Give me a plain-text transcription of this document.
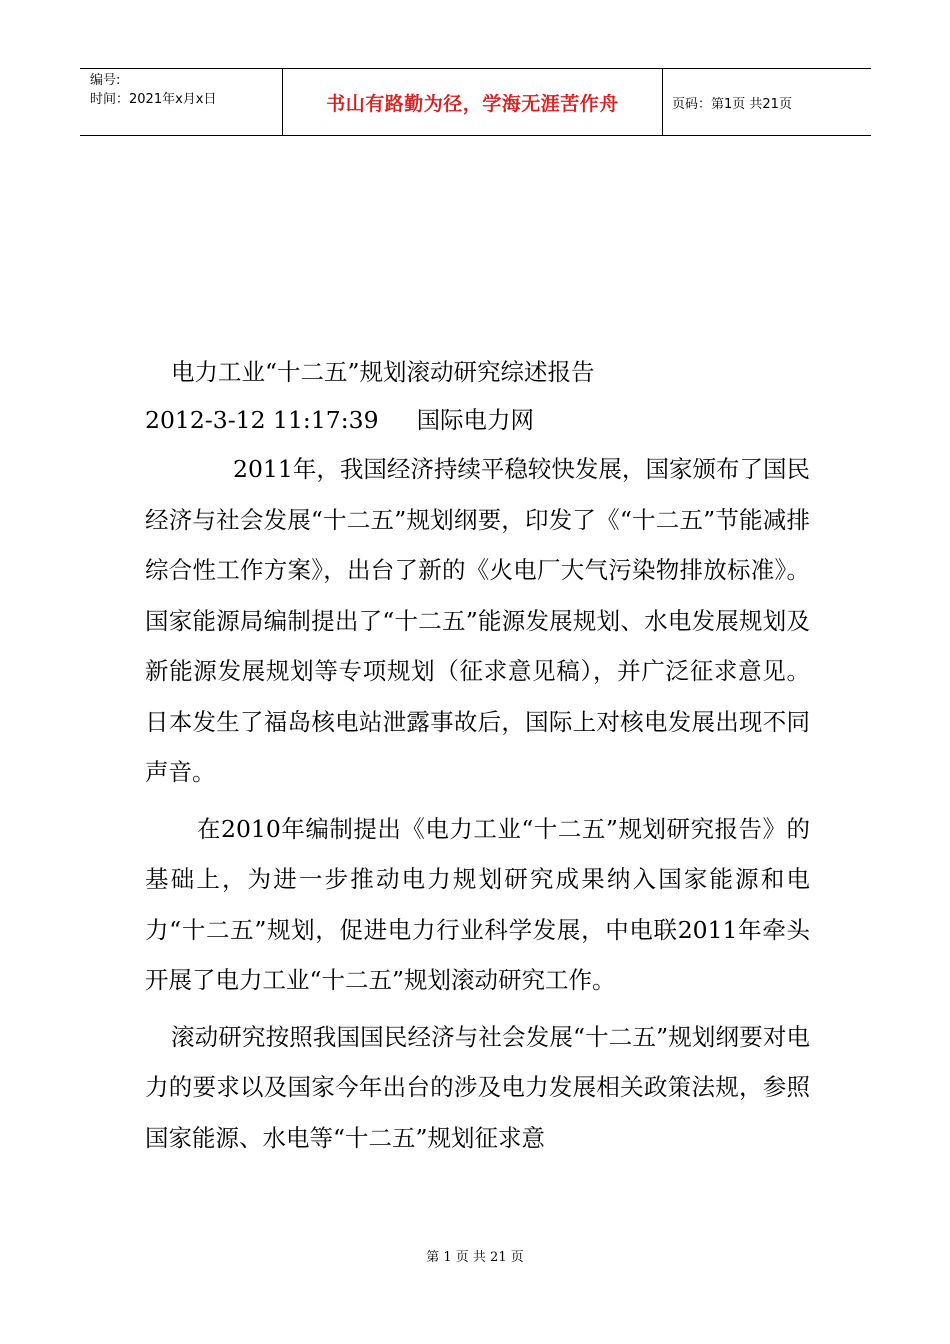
编号:
时间：2021年x月x日	书山有路勤为径，学海无涯苦作舟	页码：第1页 共21页
电力工业“十二五”规划滚动研究综述报告
2012-3-12 11:17:39 国际电力网

2011年，我国经济持续平稳较快发展，国家颁布了国民经济与社会发展“十二五”规划纲要，印发了《“十二五”节能减排综合性工作方案》，出台了新的《火电厂大气污染物排放标准》。国家能源局编制提出了“十二五”能源发展规划、水电发展规划及新能源发展规划等专项规划（征求意见稿），并广泛征求意见。日本发生了福岛核电站泄露事故后，国际上对核电发展出现不同声音。

在2010年编制提出《电力工业“十二五”规划研究报告》的基础上，为进一步推动电力规划研究成果纳入国家能源和电力“十二五”规划，促进电力行业科学发展，中电联2011年牵头开展了电力工业“十二五”规划滚动研究工作。

滚动研究按照我国国民经济与社会发展“十二五”规划纲要对电力的要求以及国家今年出台的涉及电力发展相关政策法规，参照国家能源、水电等“十二五”规划征求意

第 1 页 共 21 页
